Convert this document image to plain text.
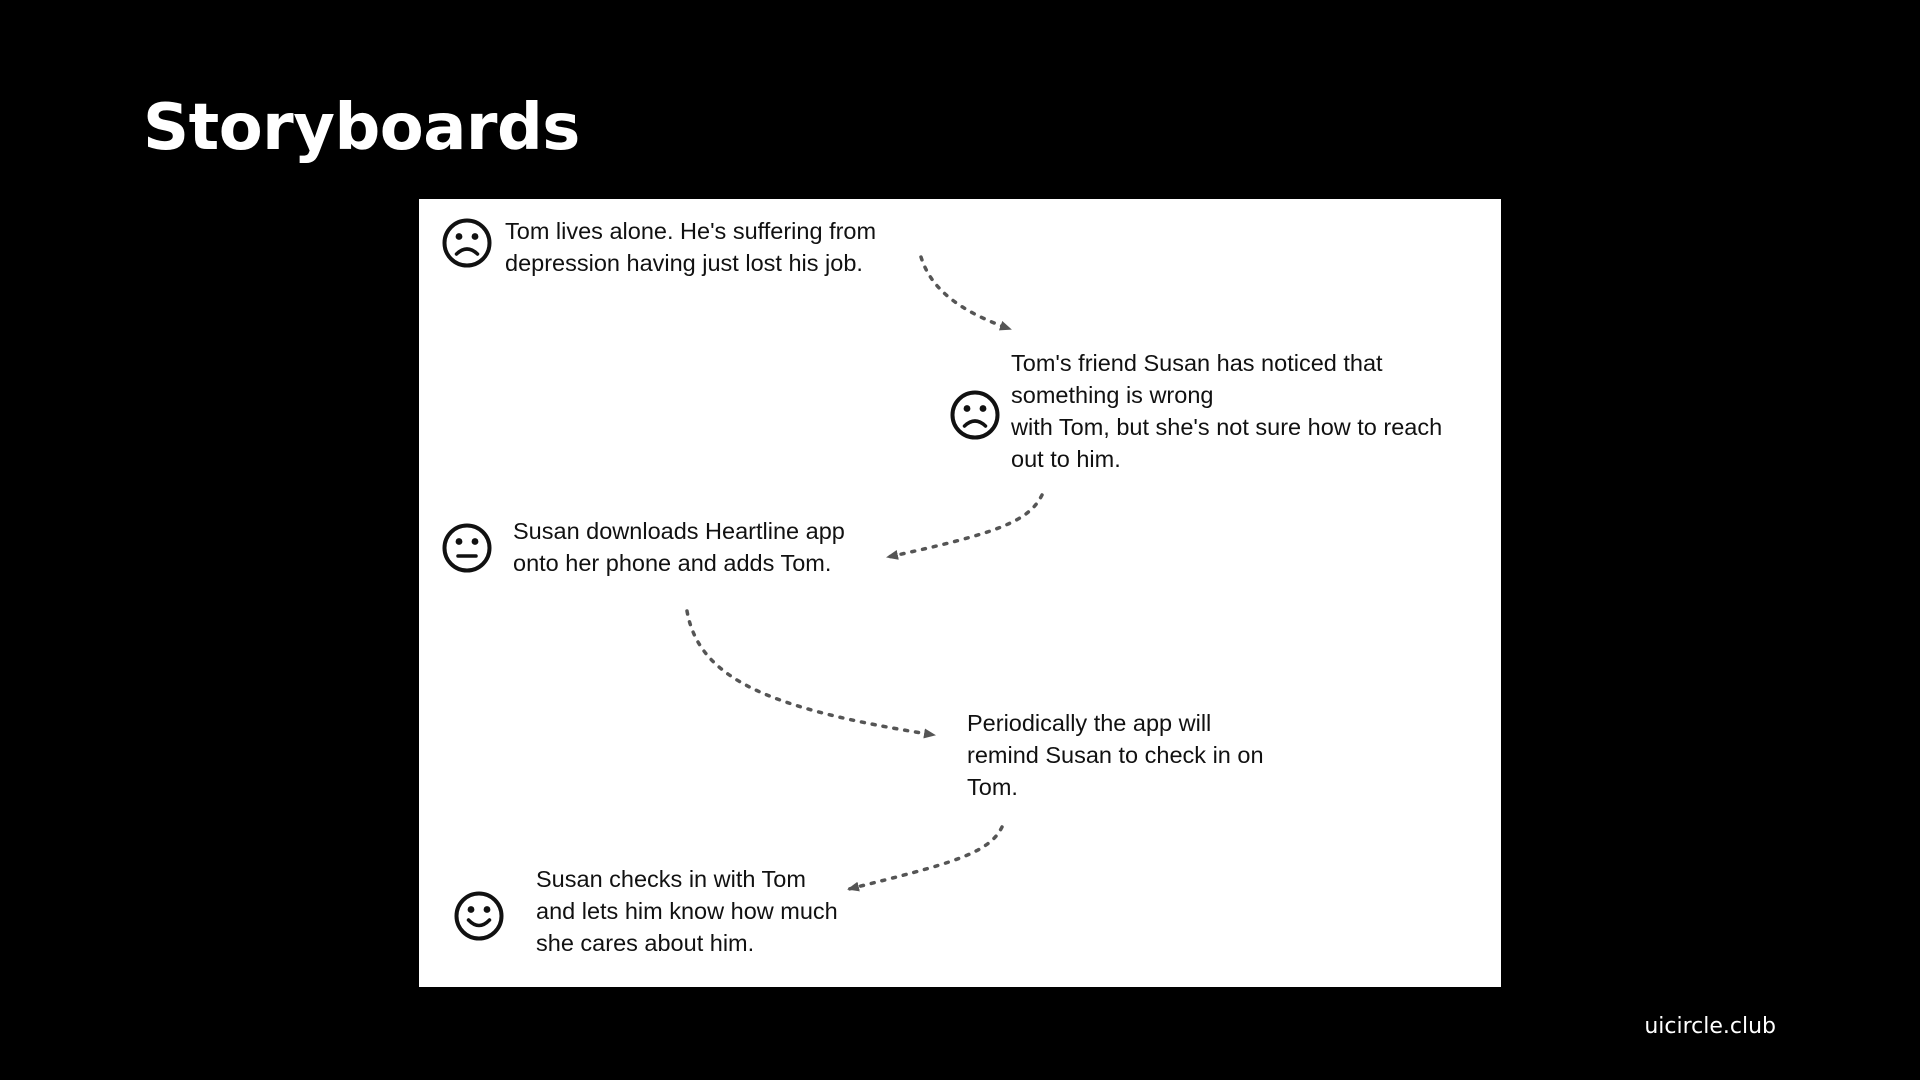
Storyboards

Tom lives alone. He's suffering from
depression having just lost his job.

Tom's friend Susan has noticed that
something is wrong
with Tom, but she's not sure how to reach
out to him.

Susan downloads Heartline app
onto her phone and adds Tom.

Periodically the app will
remind Susan to check in on
Tom.

Susan checks in with Tom
and lets him know how much
she cares about him.

uicircle.club
